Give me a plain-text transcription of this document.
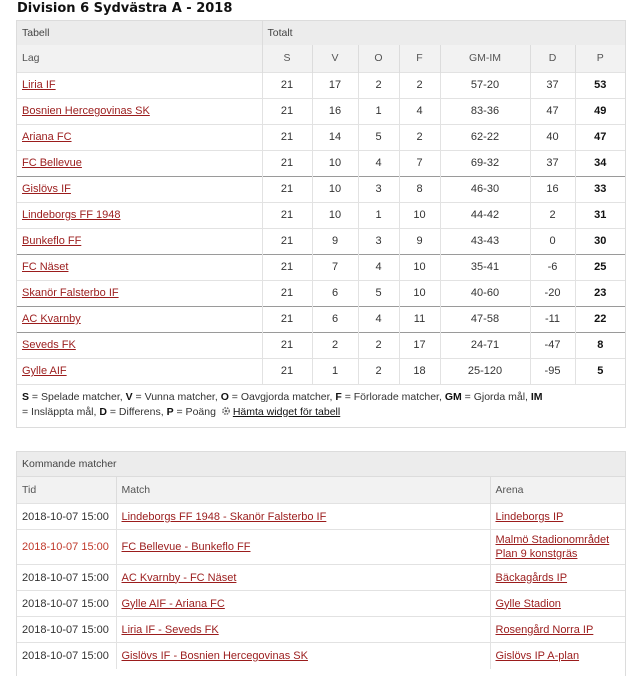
Division 6 Sydvästra A - 2018
Tabell	Totalt						
Lag	S	V	O	F	GM-IM	D	P
Liria IF	21	17	2	2	57-20	37	53
Bosnien Hercegovinas SK	21	16	1	4	83-36	47	49
Ariana FC	21	14	5	2	62-22	40	47
FC Bellevue	21	10	4	7	69-32	37	34
Gislövs IF	21	10	3	8	46-30	16	33
Lindeborgs FF 1948	21	10	1	10	44-42	2	31
Bunkeflo FF	21	9	3	9	43-43	0	30
FC Näset	21	7	4	10	35-41	-6	25
Skanör Falsterbo IF	21	6	5	10	40-60	-20	23
AC Kvarnby	21	6	4	11	47-58	-11	22
Seveds FK	21	2	2	17	24-71	-47	8
Gylle AIF	21	1	2	18	25-120	-95	5
S = Spelade matcher, V = Vunna matcher, O = Oavgjorda matcher, F = Förlorade matcher, GM = Gjorda mål, IM
= Insläppta mål, D = Differens, P = Poäng Hämta widget för tabell
Kommande matcher
Tid	Match	Arena
2018-10-07 15:00	Lindeborgs FF 1948 - Skanör Falsterbo IF	Lindeborgs IP
2018-10-07 15:00	FC Bellevue - Bunkeflo FF	Malmö Stadionområdet
Plan 9 konstgräs
2018-10-07 15:00	AC Kvarnby - FC Näset	Bäckagårds IP
2018-10-07 15:00	Gylle AIF - Ariana FC	Gylle Stadion
2018-10-07 15:00	Liria IF - Seveds FK	Rosengård Norra IP
2018-10-07 15:00	Gislövs IF - Bosnien Hercegovinas SK	Gislövs IP A-plan
